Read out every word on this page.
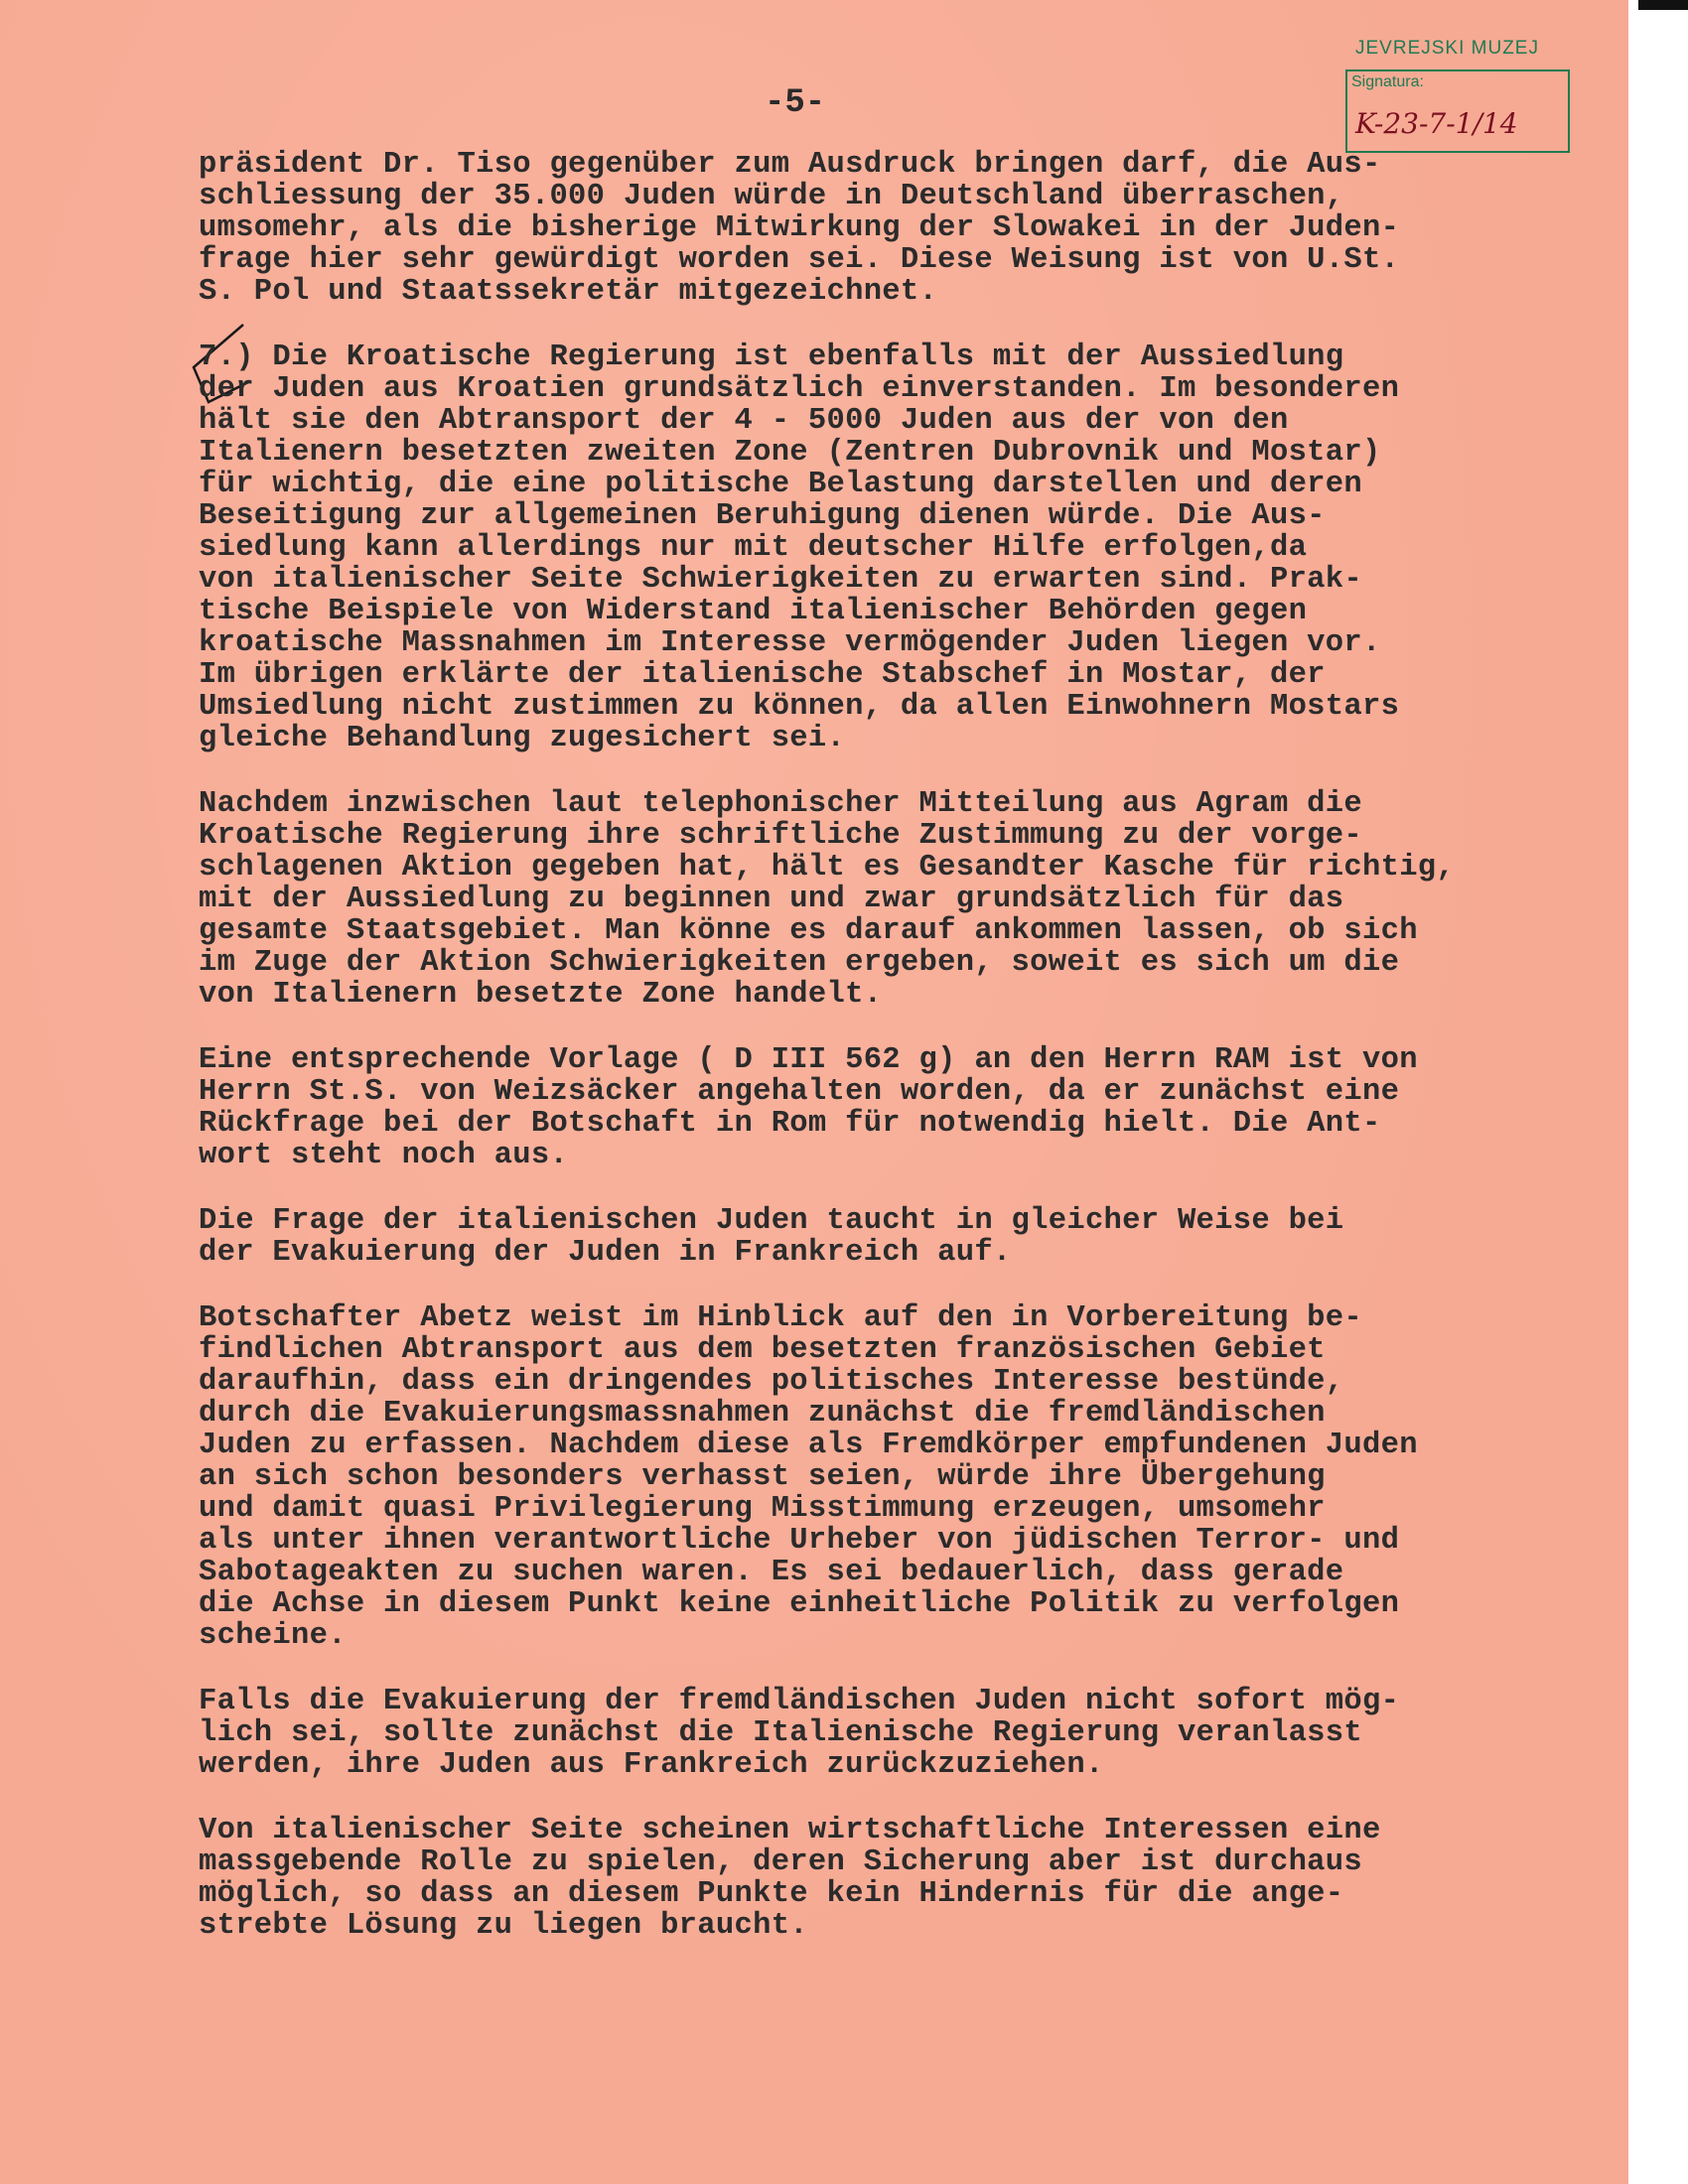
JEVREJSKI MUZEJ
Signatura:
K-23-7-1/14
-5-
präsident Dr. Tiso gegenüber zum Ausdruck bringen darf, die Aus-
schliessung der 35.000 Juden würde in Deutschland überraschen,
umsomehr, als die bisherige Mitwirkung der Slowakei in der Juden-
frage hier sehr gewürdigt worden sei. Diese Weisung ist von U.St.
S. Pol und Staatssekretär mitgezeichnet.
7.) Die Kroatische Regierung ist ebenfalls mit der Aussiedlung
der Juden aus Kroatien grundsätzlich einverstanden. Im besonderen
hält sie den Abtransport der 4 - 5000 Juden aus der von den
Italienern besetzten zweiten Zone (Zentren Dubrovnik und Mostar)
für wichtig, die eine politische Belastung darstellen und deren
Beseitigung zur allgemeinen Beruhigung dienen würde. Die Aus-
siedlung kann allerdings nur mit deutscher Hilfe erfolgen,da
von italienischer Seite Schwierigkeiten zu erwarten sind. Prak-
tische Beispiele von Widerstand italienischer Behörden gegen
kroatische Massnahmen im Interesse vermögender Juden liegen vor.
Im übrigen erklärte der italienische Stabschef in Mostar, der
Umsiedlung nicht zustimmen zu können, da allen Einwohnern Mostars
gleiche Behandlung zugesichert sei.
Nachdem inzwischen laut telephonischer Mitteilung aus Agram die
Kroatische Regierung ihre schriftliche Zustimmung zu der vorge-
schlagenen Aktion gegeben hat, hält es Gesandter Kasche für richtig,
mit der Aussiedlung zu beginnen und zwar grundsätzlich für das
gesamte Staatsgebiet. Man könne es darauf ankommen lassen, ob sich
im Zuge der Aktion Schwierigkeiten ergeben, soweit es sich um die
von Italienern besetzte Zone handelt.
Eine entsprechende Vorlage ( D III 562 g) an den Herrn RAM ist von
Herrn St.S. von Weizsäcker angehalten worden, da er zunächst eine
Rückfrage bei der Botschaft in Rom für notwendig hielt. Die Ant-
wort steht noch aus.
Die Frage der italienischen Juden taucht in gleicher Weise bei
der Evakuierung der Juden in Frankreich auf.
Botschafter Abetz weist im Hinblick auf den in Vorbereitung be-
findlichen Abtransport aus dem besetzten französischen Gebiet
daraufhin, dass ein dringendes politisches Interesse bestünde,
durch die Evakuierungsmassnahmen zunächst die fremdländischen
Juden zu erfassen. Nachdem diese als Fremdkörper empfundenen Juden
an sich schon besonders verhasst seien, würde ihre Übergehung
und damit quasi Privilegierung Misstimmung erzeugen, umsomehr
als unter ihnen verantwortliche Urheber von jüdischen Terror- und
Sabotageakten zu suchen waren. Es sei bedauerlich, dass gerade
die Achse in diesem Punkt keine einheitliche Politik zu verfolgen
scheine.
Falls die Evakuierung der fremdländischen Juden nicht sofort mög-
lich sei, sollte zunächst die Italienische Regierung veranlasst
werden, ihre Juden aus Frankreich zurückzuziehen.
Von italienischer Seite scheinen wirtschaftliche Interessen eine
massgebende Rolle zu spielen, deren Sicherung aber ist durchaus
möglich, so dass an diesem Punkte kein Hindernis für die ange-
strebte Lösung zu liegen braucht.
